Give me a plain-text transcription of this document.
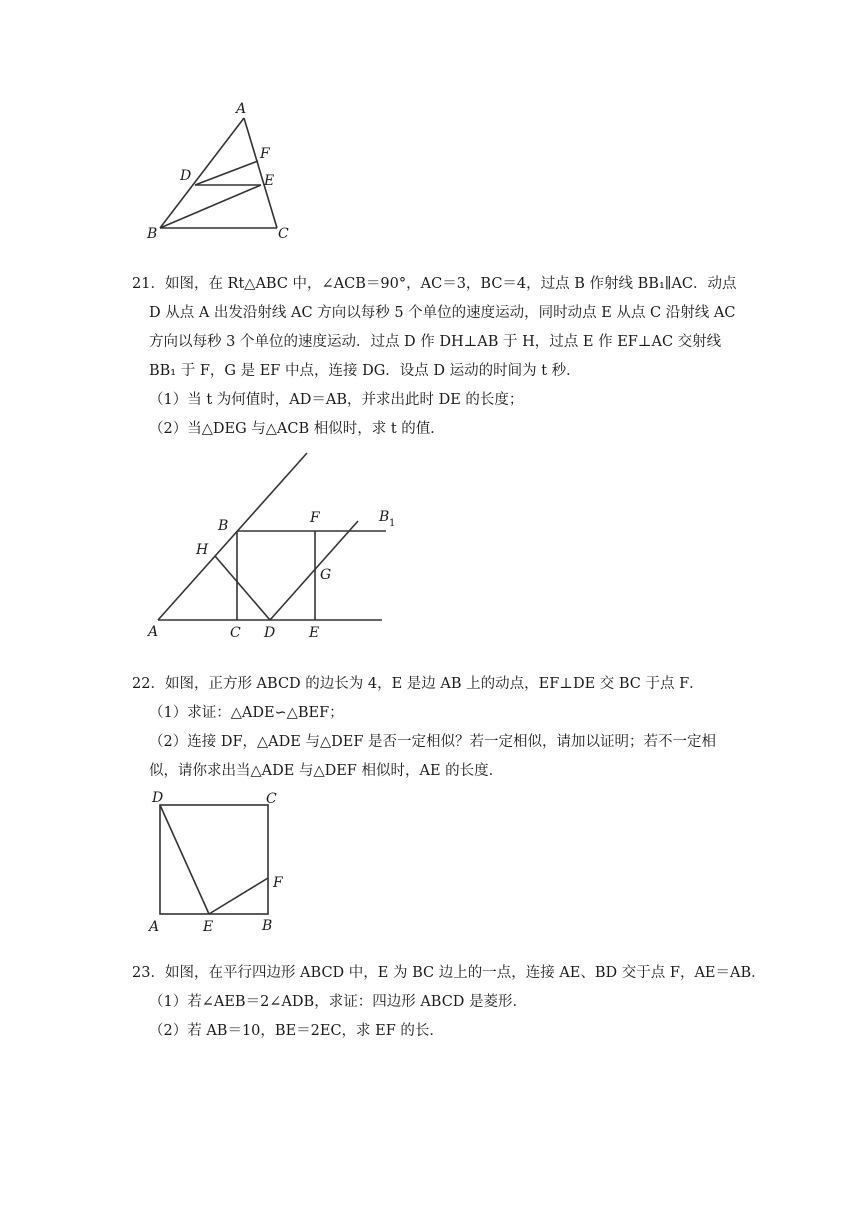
A
F
D	E
B	C
21．如图，在 Rt△ABC 中，∠ACB＝90°，AC＝3，BC＝4，过点 B 作射线 BB₁∥AC．动点
D 从点 A 出发沿射线 AC 方向以每秒 5 个单位的速度运动，同时动点 E 从点 C 沿射线 AC
方向以每秒 3 个单位的速度运动．过点 D 作 DH⊥AB 于 H，过点 E 作 EF⊥AC 交射线
BB₁ 于 F，G 是 EF 中点，连接 DG．设点 D 运动的时间为 t 秒．
（1）当 t 为何值时，AD＝AB，并求出此时 DE 的长度；
（2）当△DEG 与△ACB 相似时，求 t 的值．
B	F	B 1
H
G
A	C D E
22．如图，正方形 ABCD 的边长为 4，E 是边 AB 上的动点，EF⊥DE 交 BC 于点 F．
（1）求证：△ADE∽△BEF；
（2）连接 DF，△ADE 与△DEF 是否一定相似？若一定相似，请加以证明；若不一定相
似，请你求出当△ADE 与△DEF 相似时，AE 的长度．
D	C
F
A	E	B
23．如图，在平行四边形 ABCD 中，E 为 BC 边上的一点，连接 AE、BD 交于点 F，AE＝AB．
（1）若∠AEB＝2∠ADB，求证：四边形 ABCD 是菱形．
（2）若 AB＝10，BE＝2EC，求 EF 的长．
